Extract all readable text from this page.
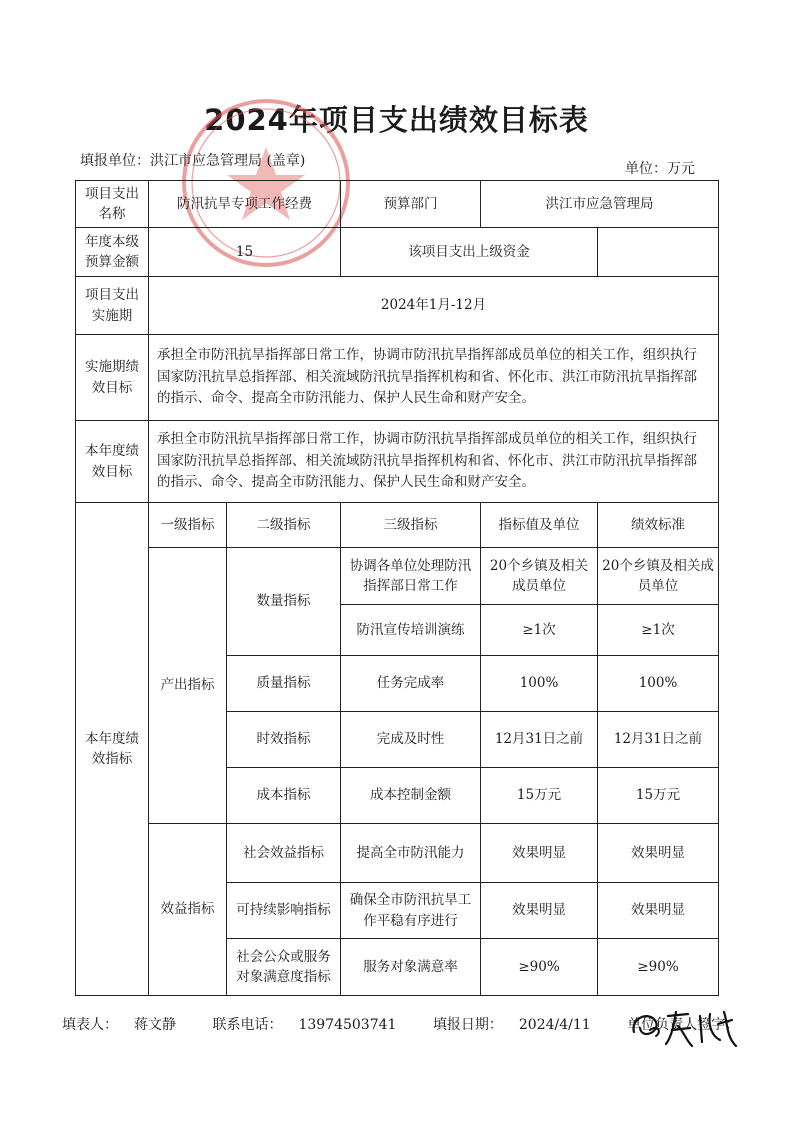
2024年项目支出绩效目标表
填报单位：洪江市应急管理局 (盖章)	单位：万元
项目支出名称	防汛抗旱专项工作经费		预算部门	洪江市应急管理局	
年度本级预算金额	15		该项目支出上级资金		
项目支出实施期	2024年1月-12月				
实施期绩效目标	承担全市防汛抗旱指挥部日常工作，协调市防汛抗旱指挥部成员单位的相关工作，组织执行国家防汛抗旱总指挥部、相关流域防汛抗旱指挥机构和省、怀化市、洪江市防汛抗旱指挥部的指示、命令、提高全市防汛能力、保护人民生命和财产安全。				
本年度绩效目标	承担全市防汛抗旱指挥部日常工作，协调市防汛抗旱指挥部成员单位的相关工作，组织执行国家防汛抗旱总指挥部、相关流域防汛抗旱指挥机构和省、怀化市、洪江市防汛抗旱指挥部的指示、命令、提高全市防汛能力、保护人民生命和财产安全。				
本年度绩效指标	一级指标	二级指标	三级指标	指标值及单位	绩效标准
	产出指标	数量指标	协调各单位处理防汛指挥部日常工作	20个乡镇及相关成员单位	20个乡镇及相关成员单位
			防汛宣传培训演练	≥1次	≥1次
		质量指标	任务完成率	100%	100%
		时效指标	完成及时性	12月31日之前	12月31日之前
		成本指标	成本控制金额	15万元	15万元
	效益指标	社会效益指标	提高全市防汛能力	效果明显	效果明显
		可持续影响指标	确保全市防汛抗旱工作平稳有序进行	效果明显	效果明显
		社会公众或服务对象满意度指标	服务对象满意率	≥90%	≥90%
填表人： 蒋文静	联系电话： 13974503741	填报日期： 2024/4/11	单位负责人签字：
